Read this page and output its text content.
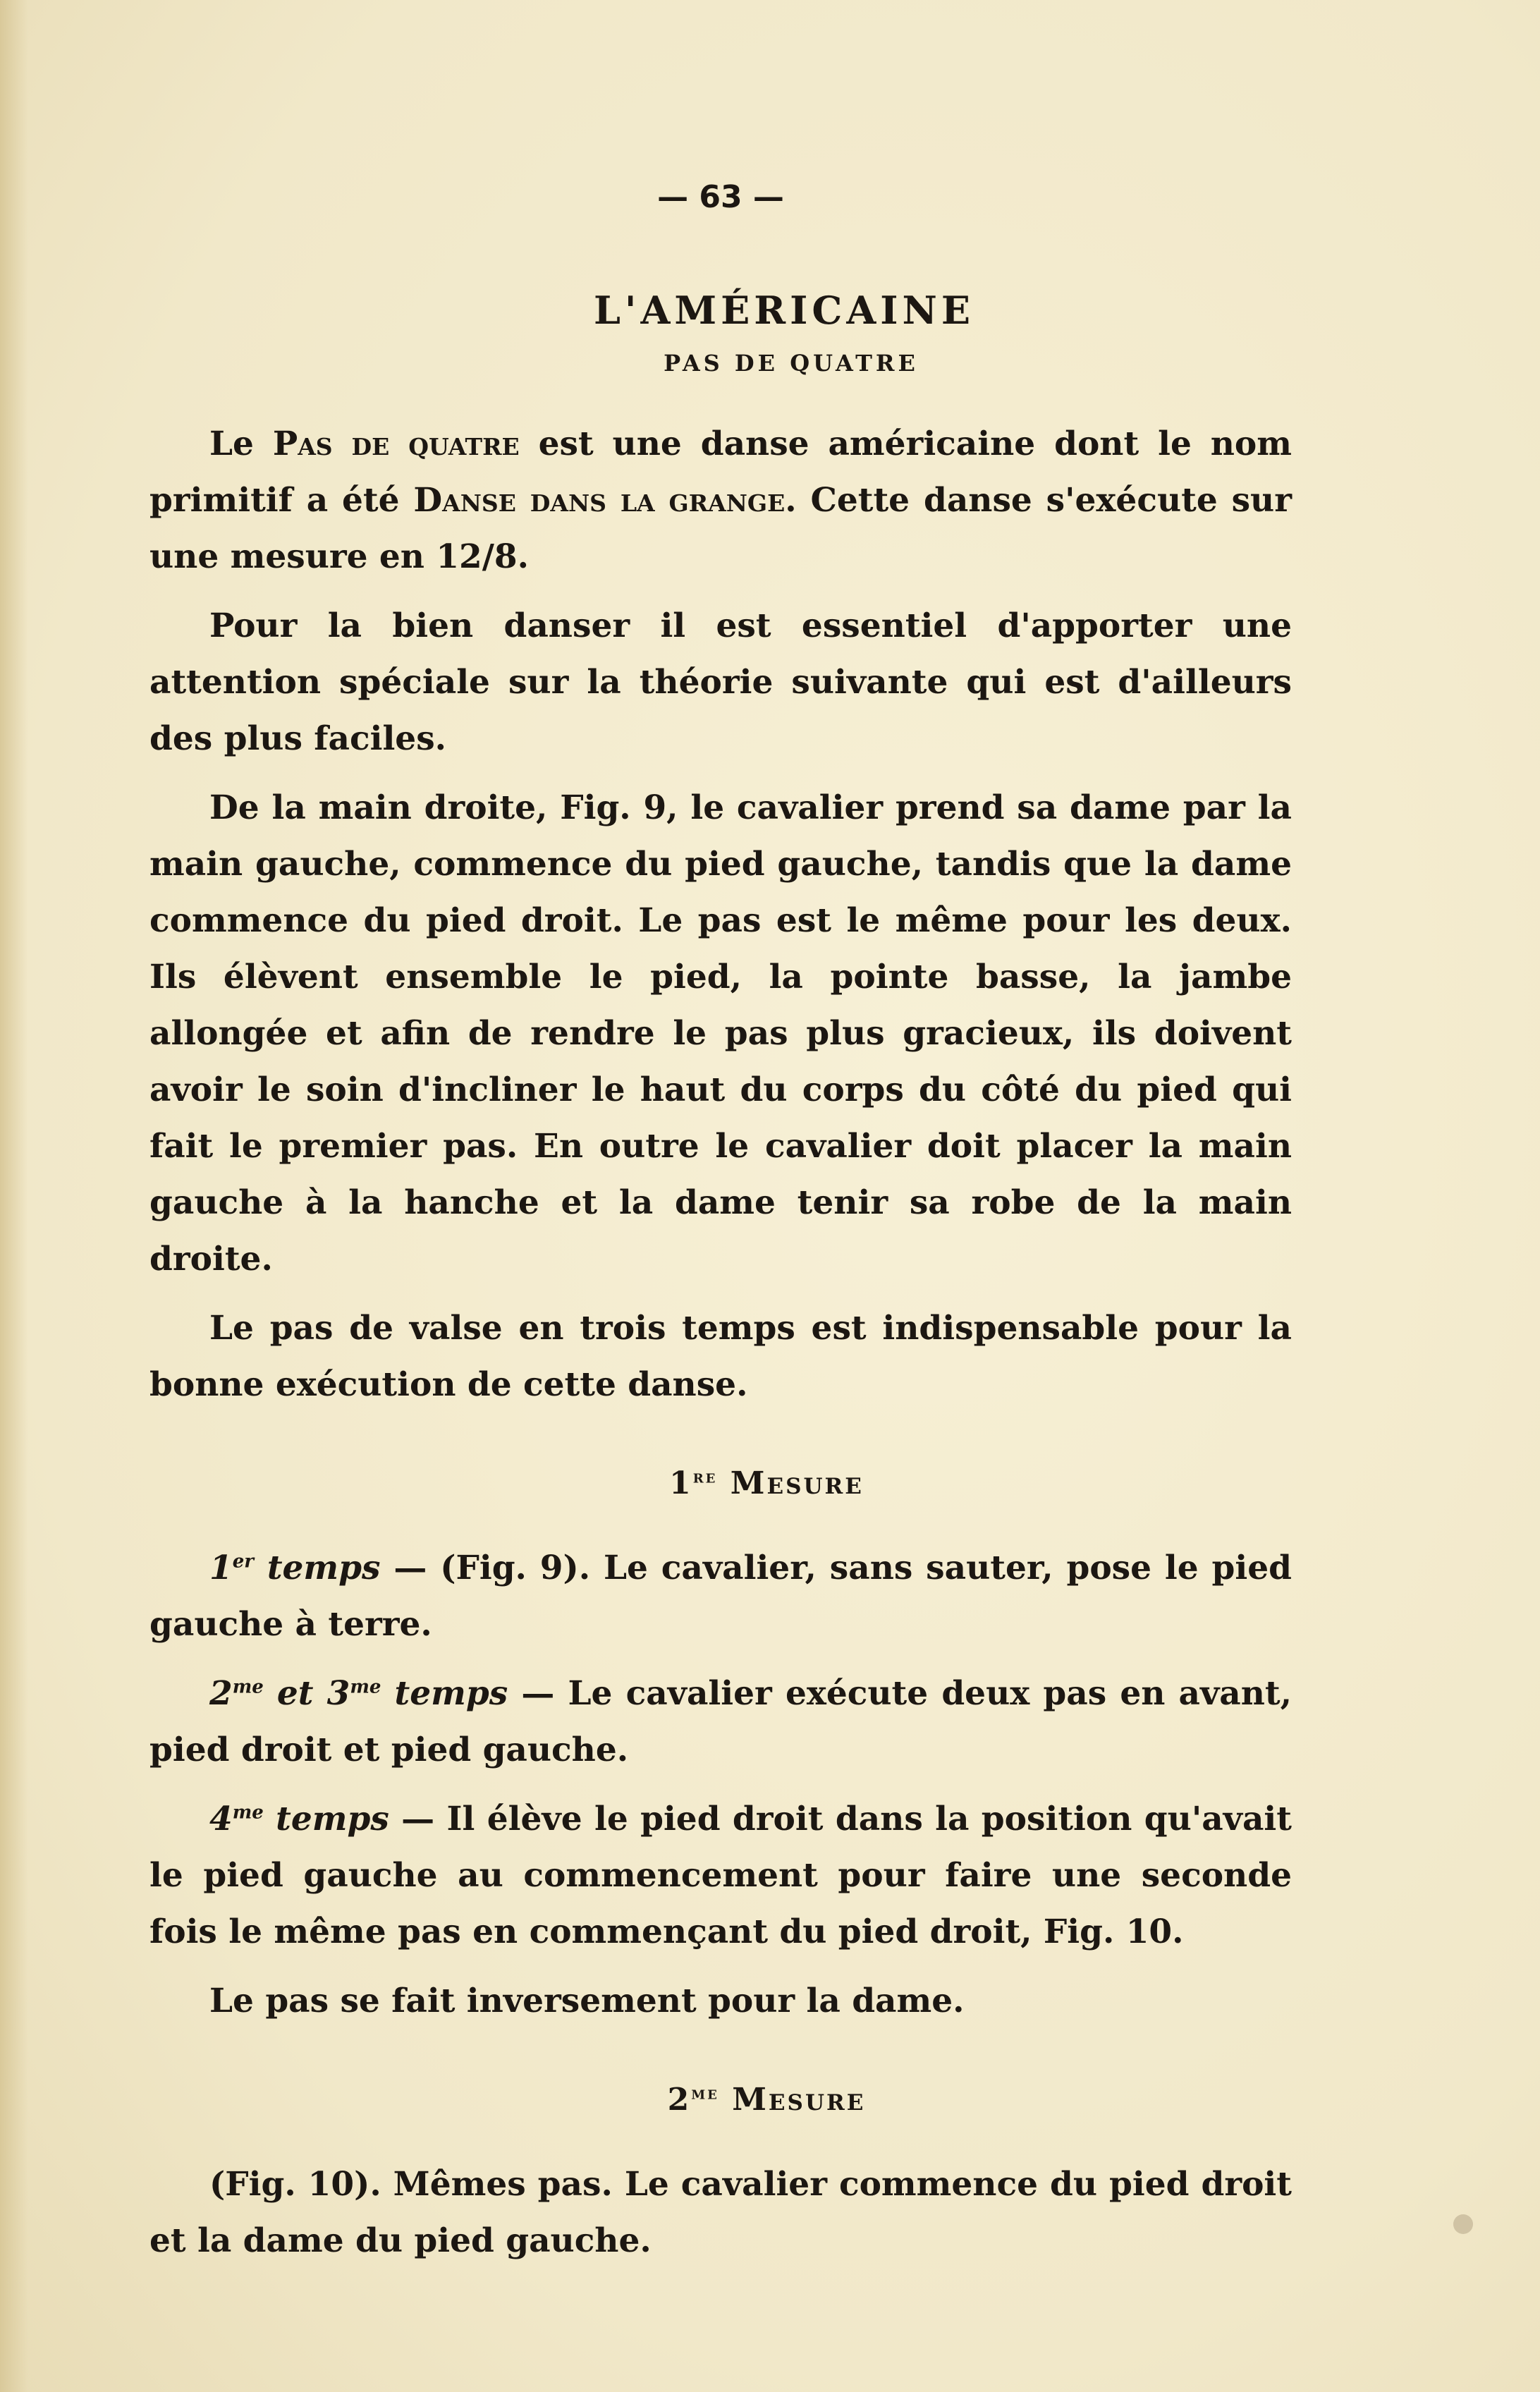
— 63 —
L'AMÉRICAINE
PAS DE QUATRE

Le Pas de quatre est une danse américaine dont le nom primitif a été Danse dans la grange. Cette danse s'exécute sur une mesure en 12/8.

Pour la bien danser il est essentiel d'apporter une attention spéciale sur la théorie suivante qui est d'ailleurs des plus faciles.

De la main droite, Fig. 9, le cavalier prend sa dame par la main gauche, commence du pied gauche, tandis que la dame commence du pied droit. Le pas est le même pour les deux. Ils élèvent ensemble le pied, la pointe basse, la jambe allongée et afin de rendre le pas plus gracieux, ils doivent avoir le soin d'incliner le haut du corps du côté du pied qui fait le premier pas. En outre le cavalier doit placer la main gauche à la hanche et la dame tenir sa robe de la main droite.

Le pas de valse en trois temps est indispensable pour la bonne exécution de cette danse.

1re Mesure

1er temps — (Fig. 9). Le cavalier, sans sauter, pose le pied gauche à terre.

$2^{me}$ et $3^{me}$ temps — Le cavalier exécute deux pas en avant, pied droit et pied gauche.

$4^{me}$ temps — Il élève le pied droit dans la position qu'avait le pied gauche au commencement pour faire une seconde fois le même pas en commençant du pied droit, Fig. 10.

Le pas se fait inversement pour la dame.

$2^{me}$ Mesure

(Fig. 10). Mêmes pas. Le cavalier commence du pied droit et la dame du pied gauche.
